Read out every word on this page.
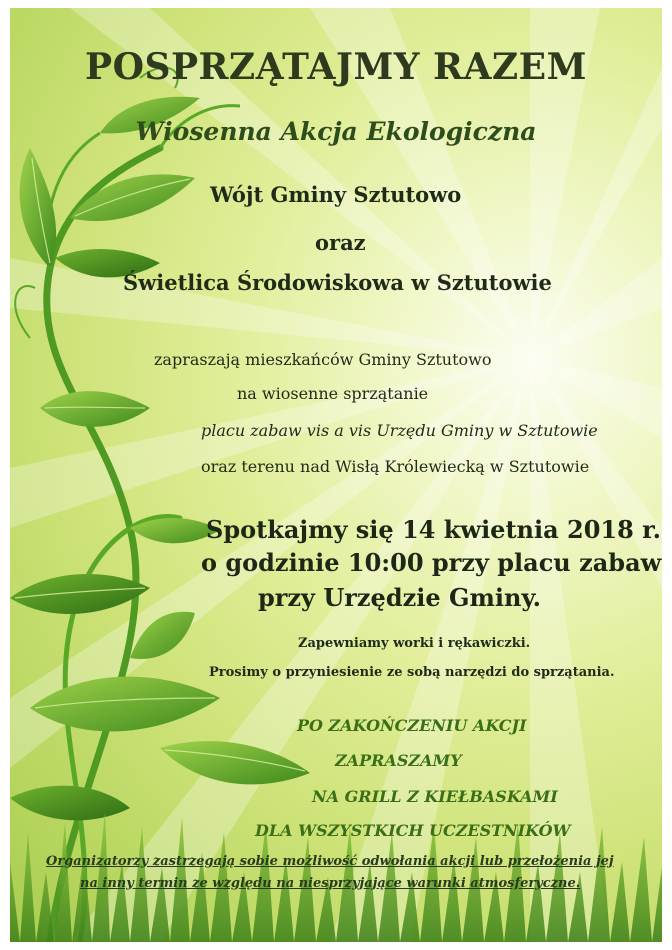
POSPRZĄTAJMY RAZEM
Wiosenna Akcja Ekologiczna

Wójt Gminy Sztutowo

oraz

Świetlica Środowiskowa w Sztutowie

zapraszają mieszkańców Gminy Sztutowo

na wiosenne sprzątanie

placu zabaw vis a vis Urzędu Gminy w Sztutowie

oraz terenu nad Wisłą Królewiecką w Sztutowie

Spotkajmy się 14 kwietnia 2018 r.

o godzinie 10:00 przy placu zabaw

przy Urzędzie Gminy.

Zapewniamy worki i rękawiczki.

Prosimy o przyniesienie ze sobą narzędzi do sprzątania.

PO ZAKOŃCZENIU AKCJI

ZAPRASZAMY

NA GRILL Z KIEŁBASKAMI

DLA WSZYSTKICH UCZESTNIKÓW

Organizatorzy zastrzegają sobie możliwość odwołania akcji lub przełożenia jej

na inny termin ze względu na niesprzyjające warunki atmosferyczne.
